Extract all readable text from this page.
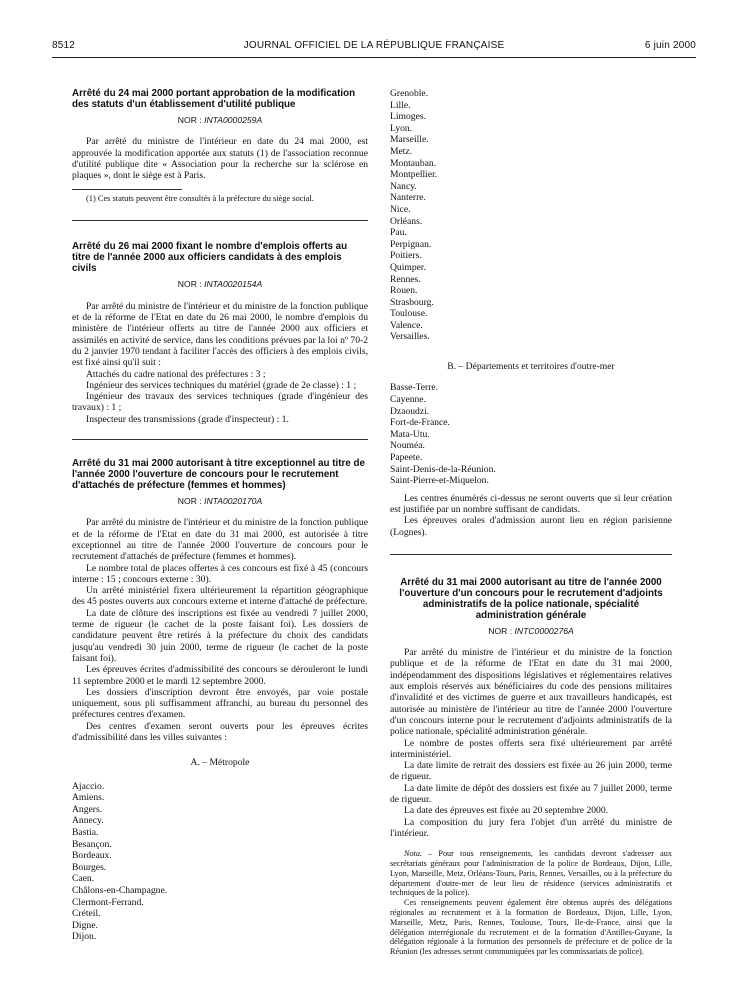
8512	JOURNAL OFFICIEL DE LA RÉPUBLIQUE FRANÇAISE	6 juin 2000
Arrêté du 24 mai 2000 portant approbation de la modification des statuts d'un établissement d'utilité publique
NOR : INTA0000259A

Par arrêté du ministre de l'intérieur en date du 24 mai 2000, est approuvée la modification apportée aux statuts (1) de l'association reconnue d'utilité publique dite « Association pour la recherche sur la sclérose en plaques », dont le siège est à Paris.

(1) Ces statuts peuvent être consultés à la préfecture du siège social.

Arrêté du 26 mai 2000 fixant le nombre d'emplois offerts au titre de l'année 2000 aux officiers candidats à des emplois civils
NOR : INTA0020154A

Par arrêté du ministre de l'intérieur et du ministre de la fonction publique et de la réforme de l'Etat en date du 26 mai 2000, le nombre d'emplois du ministère de l'intérieur offerts au titre de l'année 2000 aux officiers et assimilés en activité de service, dans les conditions prévues par la loi nº 70-2 du 2 janvier 1970 tendant à faciliter l'accès des officiers à des emplois civils, est fixé ainsi qu'il suit :

Attachés du cadre national des préfectures : 3 ;

Ingénieur des services techniques du matériel (grade de 2e classe) : 1 ;

Ingénieur des travaux des services techniques (grade d'ingénieur des travaux) : 1 ;

Inspecteur des transmissions (grade d'inspecteur) : 1.

Arrêté du 31 mai 2000 autorisant à titre exceptionnel au titre de l'année 2000 l'ouverture de concours pour le recrutement d'attachés de préfecture (femmes et hommes)
NOR : INTA0020170A

Par arrêté du ministre de l'intérieur et du ministre de la fonction publique et de la réforme de l'Etat en date du 31 mai 2000, est autorisée à titre exceptionnel au titre de l'année 2000 l'ouverture de concours pour le recrutement d'attachés de préfecture (femmes et hommes).

Le nombre total de places offertes à ces concours est fixé à 45 (concours interne : 15 ; concours externe : 30).

Un arrêté ministériel fixera ultérieurement la répartition géographique des 45 postes ouverts aux concours externe et interne d'attaché de préfecture.

La date de clôture des inscriptions est fixée au vendredi 7 juillet 2000, terme de rigueur (le cachet de la poste faisant foi). Les dossiers de candidature peuvent être retirés à la préfecture du choix des candidats jusqu'au vendredi 30 juin 2000, terme de rigueur (le cachet de la poste faisant foi).

Les épreuves écrites d'admissibilité des concours se dérouleront le lundi 11 septembre 2000 et le mardi 12 septembre 2000.

Les dossiers d'inscription devront être envoyés, par voie postale uniquement, sous pli suffisamment affranchi, au bureau du personnel des préfectures centres d'examen.

Des centres d'examen seront ouverts pour les épreuves écrites d'admissibilité dans les villes suivantes :

A. – Métropole
Ajaccio.
Amiens.
Angers.
Annecy.
Bastia.
Besançon.
Bordeaux.
Bourges.
Caen.
Châlons-en-Champagne.
Clermont-Ferrand.
Créteil.
Digne.
Dijon.
Grenoble.
Lille.
Limoges.
Lyon.
Marseille.
Metz.
Montauban.
Montpellier.
Nancy.
Nanterre.
Nice.
Orléans.
Pau.
Perpignan.
Poitiers.
Quimper.
Rennes.
Rouen.
Strasbourg.
Toulouse.
Valence.
Versailles.
B. – Départements et territoires d'outre-mer
Basse-Terre.
Cayenne.
Dzaoudzi.
Fort-de-France.
Mata-Utu.
Nouméa.
Papeete.
Saint-Denis-de-la-Réunion.
Saint-Pierre-et-Miquelon.

Les centres énumérés ci-dessus ne seront ouverts que si leur création est justifiée par un nombre suffisant de candidats.

Les épreuves orales d'admission auront lieu en région parisienne (Lognes).

Arrêté du 31 mai 2000 autorisant au titre de l'année 2000 l'ouverture d'un concours pour le recrutement d'adjoints administratifs de la police nationale, spécialité administration générale
NOR : INTC0000276A

Par arrêté du ministre de l'intérieur et du ministre de la fonction publique et de la réforme de l'Etat en date du 31 mai 2000, indépendamment des dispositions législatives et réglementaires relatives aux emplois réservés aux bénéficiaires du code des pensions militaires d'invalidité et des victimes de guerre et aux travailleurs handicapés, est autorisée au ministère de l'intérieur au titre de l'année 2000 l'ouverture d'un concours interne pour le recrutement d'adjoints administratifs de la police nationale, spécialité administration générale.

Le nombre de postes offerts sera fixé ultérieurement par arrêté interministériel.

La date limite de retrait des dossiers est fixée au 26 juin 2000, terme de rigueur.

La date limite de dépôt des dossiers est fixée au 7 juillet 2000, terme de rigueur.

La date des épreuves est fixée au 20 septembre 2000.

La composition du jury fera l'objet d'un arrêté du ministre de l'intérieur.

Nota. – Pour tous renseignements, les candidats devront s'adresser aux secrétariats généraux pour l'administration de la police de Bordeaux, Dijon, Lille, Lyon, Marseille, Metz, Orléans-Tours, Paris, Rennes, Versailles, ou à la préfecture du département d'outre-mer de leur lieu de résidence (services administratifs et techniques de la police).

Ces renseignements peuvent également être obtenus auprès des délégations régionales au recrutement et à la formation de Bordeaux, Dijon, Lille, Lyon, Marseille, Metz, Paris, Rennes, Toulouse, Tours, Ile-de-France, ainsi que la délégation interrégionale du recrutement et de la formation d'Antilles-Guyane, la délégation régionale à la formation des personnels de préfecture et de police de la Réunion (les adresses seront communiquées par les commissariats de police).
